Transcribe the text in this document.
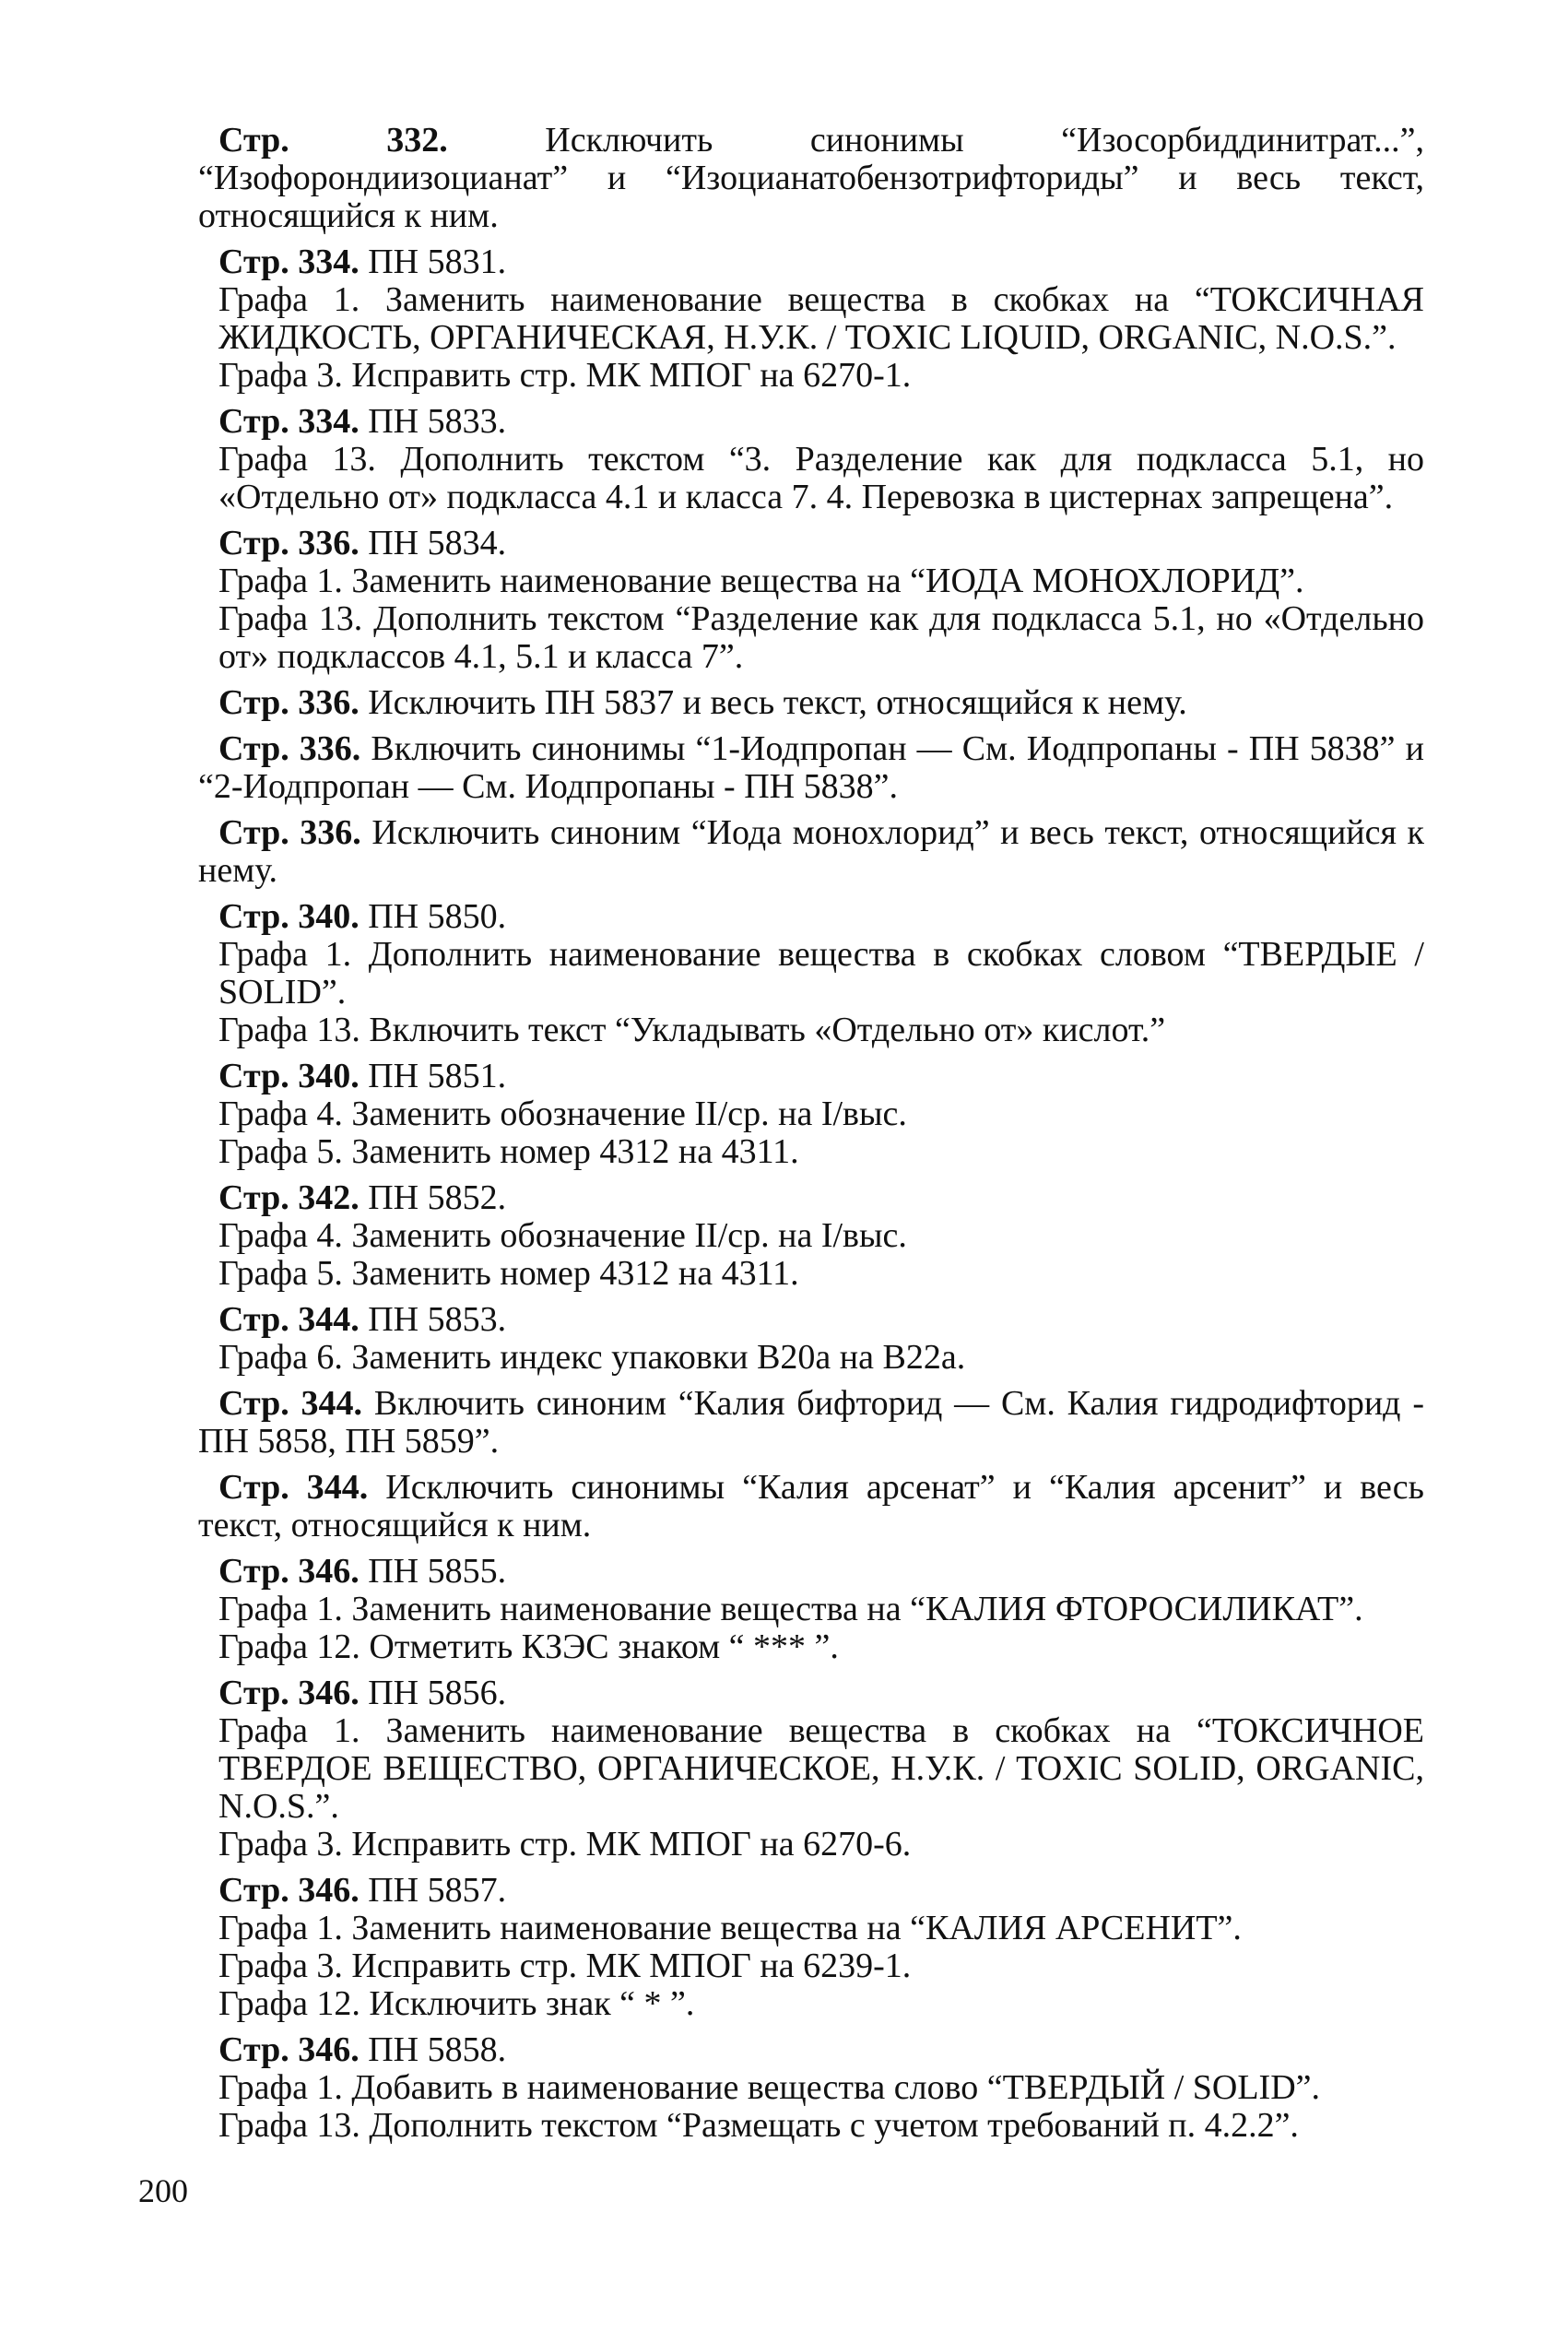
Стр. 332. Исключить синонимы “Изосорбиддинитрат...”, “Изофорондиизоцианат” и “Изоцианатобензотрифториды” и весь текст, относящийся к ним.
Стр. 334. ПН 5831.
Графа 1. Заменить наименование вещества в скобках на “ТОКСИЧНАЯ ЖИДКОСТЬ, ОРГАНИЧЕСКАЯ, Н.У.К. / TOXIC LIQUID, ORGANIC, N.O.S.”.
Графа 3. Исправить стр. МК МПОГ на 6270-1.
Стр. 334. ПН 5833.
Графа 13. Дополнить текстом “3. Разделение как для подкласса 5.1, но «Отдельно от» подкласса 4.1 и класса 7. 4. Перевозка в цистернах запрещена”.
Стр. 336. ПН 5834.
Графа 1. Заменить наименование вещества на “ИОДА МОНОХЛОРИД”.
Графа 13. Дополнить текстом “Разделение как для подкласса 5.1, но «Отдельно от» подклассов 4.1, 5.1 и класса 7”.
Стр. 336. Исключить ПН 5837 и весь текст, относящийся к нему.
Стр. 336. Включить синонимы “1-Иодпропан — См. Иодпропаны - ПН 5838” и “2-Иодпропан — См. Иодпропаны - ПН 5838”.
Стр. 336. Исключить синоним “Иода монохлорид” и весь текст, относящийся к нему.
Стр. 340. ПН 5850.
Графа 1. Дополнить наименование вещества в скобках словом “ТВЕРДЫЕ / SOLID”.
Графа 13. Включить текст “Укладывать «Отдельно от» кислот.”
Стр. 340. ПН 5851.
Графа 4. Заменить обозначение II/ср. на I/выс.
Графа 5. Заменить номер 4312 на 4311.
Стр. 342. ПН 5852.
Графа 4. Заменить обозначение II/ср. на I/выс.
Графа 5. Заменить номер 4312 на 4311.
Стр. 344. ПН 5853.
Графа 6. Заменить индекс упаковки В20а на В22а.
Стр. 344. Включить синоним “Калия бифторид — См. Калия гидродифторид - ПН 5858, ПН 5859”.
Стр. 344. Исключить синонимы “Калия арсенат” и “Калия арсенит” и весь текст, относящийся к ним.
Стр. 346. ПН 5855.
Графа 1. Заменить наименование вещества на “КАЛИЯ ФТОРОСИЛИКАТ”.
Графа 12. Отметить КЗЭС знаком “ *** ”.
Стр. 346. ПН 5856.
Графа 1. Заменить наименование вещества в скобках на “ТОКСИЧНОЕ ТВЕРДОЕ ВЕЩЕСТВО, ОРГАНИЧЕСКОЕ, Н.У.К. / TOXIC SOLID, ORGANIC, N.O.S.”.
Графа 3. Исправить стр. МК МПОГ на 6270-6.
Стр. 346. ПН 5857.
Графа 1. Заменить наименование вещества на “КАЛИЯ АРСЕНИТ”.
Графа 3. Исправить стр. МК МПОГ на 6239-1.
Графа 12. Исключить знак “ * ”.
Стр. 346. ПН 5858.
Графа 1. Добавить в наименование вещества слово “ТВЕРДЫЙ / SOLID”.
Графа 13. Дополнить текстом “Размещать с учетом требований п. 4.2.2”.
200
